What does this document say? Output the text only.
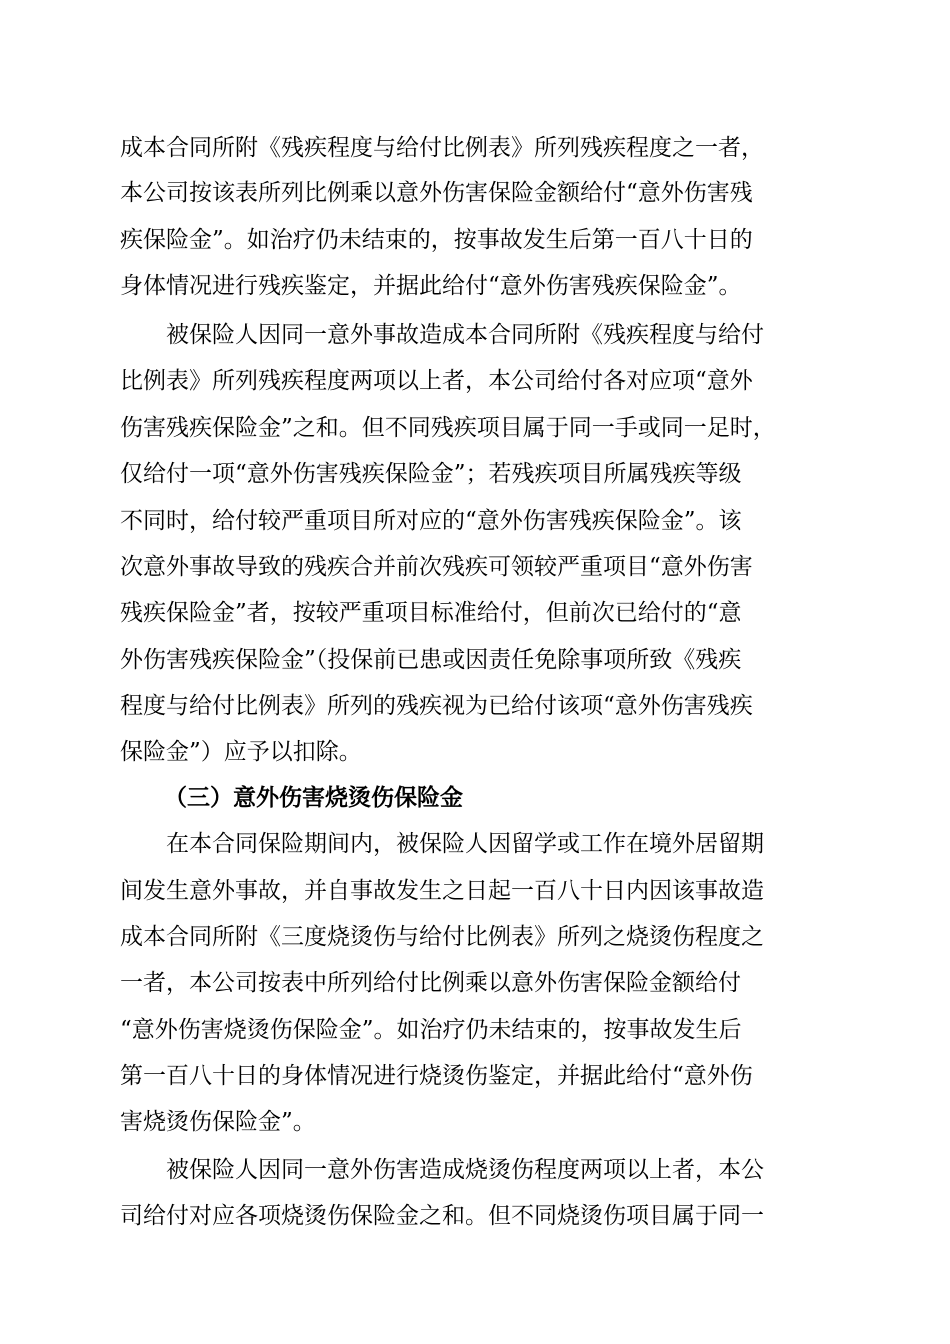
成本合同所附《残疾程度与给付比例表》所列残疾程度之一者，
本公司按该表所列比例乘以意外伤害保险金额给付“意外伤害残
疾保险金”。如治疗仍未结束的，按事故发生后第一百八十日的
身体情况进行残疾鉴定，并据此给付“意外伤害残疾保险金”。
被保险人因同一意外事故造成本合同所附《残疾程度与给付
比例表》所列残疾程度两项以上者，本公司给付各对应项“意外
伤害残疾保险金”之和。但不同残疾项目属于同一手或同一足时，
仅给付一项“意外伤害残疾保险金”；若残疾项目所属残疾等级
不同时，给付较严重项目所对应的“意外伤害残疾保险金”。该
次意外事故导致的残疾合并前次残疾可领较严重项目“意外伤害
残疾保险金”者，按较严重项目标准给付，但前次已给付的“意
外伤害残疾保险金”（投保前已患或因责任免除事项所致《残疾
程度与给付比例表》所列的残疾视为已给付该项“意外伤害残疾
保险金”）应予以扣除。
（三）意外伤害烧烫伤保险金
在本合同保险期间内，被保险人因留学或工作在境外居留期
间发生意外事故，并自事故发生之日起一百八十日内因该事故造
成本合同所附《三度烧烫伤与给付比例表》所列之烧烫伤程度之
一者，本公司按表中所列给付比例乘以意外伤害保险金额给付
“意外伤害烧烫伤保险金”。如治疗仍未结束的，按事故发生后
第一百八十日的身体情况进行烧烫伤鉴定，并据此给付“意外伤
害烧烫伤保险金”。
被保险人因同一意外伤害造成烧烫伤程度两项以上者，本公
司给付对应各项烧烫伤保险金之和。但不同烧烫伤项目属于同一
